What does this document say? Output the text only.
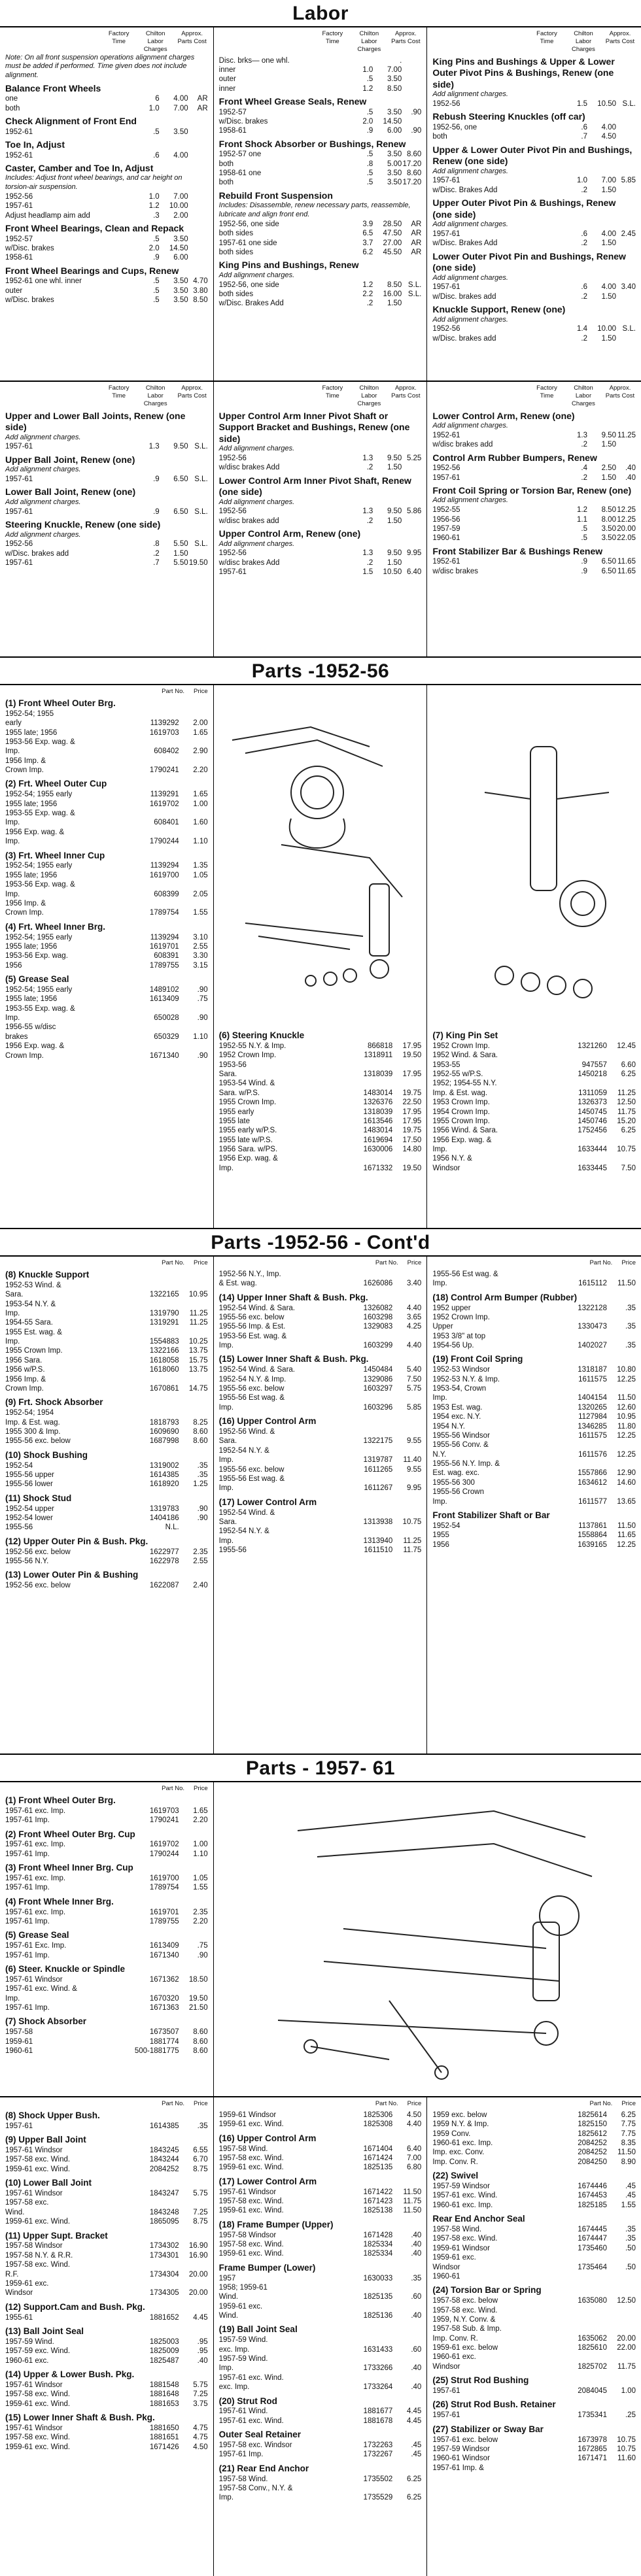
Labor
Factory Time
Chilton Labor Charges
Approx. Parts Cost
Note: On all front suspension operations alignment charges must be added if performed. Time given does not include alignment.
Balance Front Wheels
one	6	4.00	AR
both	1.0	7.00	AR
Check Alignment of Front End
1952-61	.5	3.50
Toe In, Adjust
1952-61	.6	4.00
Caster, Camber and Toe In, Adjust
Includes: Adjust front wheel bearings, and car height on torsion-air suspension.
1952-56	1.0	7.00
1957-61	1.2	10.00
Adjust headlamp aim add	.3	2.00
Front Wheel Bearings, Clean and Repack
1952-57	.5	3.50
w/Disc. brakes	2.0	14.50
1958-61	.9	6.00
Front Wheel Bearings and Cups, Renew
1952-61 one whl. inner	.5	3.50 4.70
outer	.5	3.50 3.80
w/Disc. brakes	.5	3.50 8.50
Factory Time
Chilton Labor Charges
Approx. Parts Cost
Disc. brks— one whl.	.
inner	1.0	7.00
outer	.5	3.50
inner	1.2	8.50
Front Wheel Grease Seals, Renew
1952-57	.5	3.50	.90
w/Disc. brakes	2.0	14.50
1958-61	.9	6.00	.90
Front Shock Absorber or Bushings, Renew
1952-57 one	.5	3.50 8.60
both	.8	5.00 17.20
1958-61 one	.5	3.50 8.60
both	.5	3.50 17.20
Rebuild Front Suspension
Includes: Disassemble, renew necessary parts, reassemble, lubricate and align front end.
1952-56, one side	3.9	28.50	AR
both sides	6.5	47.50	AR
1957-61 one side	3.7	27.00	AR
both sides	6.2	45.50	AR
King Pins and Bushings, Renew
Add alignment charges.
1952-56, one side	1.2	8.50 S.L.
both sides	2.2	16.00 S.L.
w/Disc. Brakes Add	.2	1.50
Factory Time
Chilton Labor Charges
Approx. Parts Cost
King Pins and Bushings & Upper & Lower Outer Pivot Pins & Bushings, Renew (one side)
Add alignment charges.
1952-56	1.5	10.50 S.L.
Rebush Steering Knuckles (off car)
1952-56, one	.6	4.00
both	.7	4.50
Upper & Lower Outer Pivot Pin and Bushings, Renew (one side)
Add alignment charges.
1957-61	1.0	7.00 5.85
w/Disc. Brakes Add	.2	1.50
Upper Outer Pivot Pin & Bushings, Renew (one side)
Add alignment charges.
1957-61	.6	4.00 2.45
w/Disc. Brakes Add	.2	1.50
Lower Outer Pivot Pin and Bushings, Renew (one side)
Add alignment charges.
1957-61	.6	4.00 3.40
w/Disc. brakes add	.2	1.50
Knuckle Support, Renew (one)
Add alignment charges.
1952-56	1.4	10.00 S.L.
w/Disc. brakes add	.2	1.50
Factory Time
Chilton Labor Charges
Approx. Parts Cost
Upper and Lower Ball Joints, Renew (one side)
Add alignment charges.
1957-61	1.3	9.50 S.L.
Upper Ball Joint, Renew (one)
Add alignment charges.
1957-61	.9	6.50 S.L.
Lower Ball Joint, Renew (one)
Add alignment charges.
1957-61	.9	6.50 S.L.
Steering Knuckle, Renew (one side)
Add alignment charges.
1952-56	.8	5.50 S.L.
w/Disc. brakes add	.2	1.50
1957-61	.7	5.50 19.50
Factory Time
Chilton Labor Charges
Approx. Parts Cost
Upper Control Arm Inner Pivot Shaft or Support Bracket and Bushings, Renew (one side)
Add alignment charges.
1952-56	1.3	9.50 5.25
w/disc brakes Add	.2	1.50
Lower Control Arm Inner Pivot Shaft, Renew (one side)
Add alignment charges.
1952-56	1.3	9.50 5.86
w/disc brakes add	.2	1.50
Upper Control Arm, Renew (one)
Add alignment charges.
1952-56	1.3	9.50 9.95
w/disc brakes Add	.2	1.50
1957-61	1.5	10.50 6.40
Factory Time
Chilton Labor Charges
Approx. Parts Cost
Lower Control Arm, Renew (one)
Add alignment charges.
1952-61	1.3	9.50 11.25
w/disc brakes add	.2	1.50
Control Arm Rubber Bumpers, Renew
1952-56	.4	2.50	.40
1957-61	.2	1.50	.40
Front Coil Spring or Torsion Bar, Renew (one)
Add alignment charges.
1952-55	1.2	8.50 12.25
1956-56	1.1	8.00 12.25
1957-59	.5	3.50 20.00
1960-61	.5	3.50 22.05
Front Stabilizer Bar & Bushings Renew
1952-61	.9	6.50 11.65
w/disc brakes	.9	6.50 11.65
Parts -1952-56
Part No. Price
(1) Front Wheel Outer Brg.
1952-54; 1955
early	1139292	2.00
1955 late; 1956	1619703	1.65
1953-56 Exp. wag. &
Imp.	608402	2.90
1956 Imp. &
Crown Imp.	1790241	2.20
(2) Frt. Wheel Outer Cup
1952-54; 1955 early	1139291	1.65
1955 late; 1956	1619702	1.00
1953-55 Exp. wag. &
Imp.	608401	1.60
1956 Exp. wag. &
Imp.	1790244	1.10
(3) Frt. Wheel Inner Cup
1952-54; 1955 early	1139294	1.35
1955 late; 1956	1619700	1.05
1953-56 Exp. wag. &
Imp.	608399	2.05
1956 Imp. &
Crown Imp.	1789754	1.55
(4) Frt. Wheel Inner Brg.
1952-54; 1955 early	1139294	3.10
1955 late; 1956	1619701	2.55
1953-56 Exp. wag.	608391	3.30
1956	1789755	3.15
(5) Grease Seal
1952-54; 1955 early	1489102	.90
1955 late; 1956	1613409	.75
1953-55 Exp. wag. &
Imp.	650028	.90
1956-55 w/disc
brakes	650329	1.10
1956 Exp. wag. &
Crown Imp.	1671340	.90
(6) Steering Knuckle
1952-55 N.Y. & Imp.	866818	17.95
1952 Crown Imp.	1318911	19.50
1953-56
Sara.	1318039	17.95
1953-54 Wind. &
Sara. w/P.S.	1483014	19.75
1955 Crown Imp.	1326376	22.50
1955 early	1318039	17.95
1955 late	1613546	17.95
1955 early w/P.S.	1483014	19.75
1955 late w/P.S.	1619694	17.50
1956 Sara. w/PS.	1630006	14.80
1956 Exp. wag. &
Imp.	1671332	19.50
(7) King Pin Set
1952 Crown Imp.	1321260	12.45
1952 Wind. & Sara.
1953-55	947557	6.60
1952-55 w/P.S.	1450218	6.25
1952; 1954-55 N.Y.
Imp. & Est. wag.	1311059	11.25
1953 Crown Imp.	1326373	12.50
1954 Crown Imp.	1450745	11.75
1955 Crown Imp.	1450746	15.20
1956 Wind. & Sara.	1752456	6.25
1956 Exp. wag. &
Imp.	1633444	10.75
1956 N.Y. &
Windsor	1633445	7.50
Parts -1952-56 - Cont'd
Part No. Price
(8) Knuckle Support
1952-53 Wind. &
Sara.	1322165	10.95
1953-54 N.Y. &
Imp.	1319790	11.25
1954-55 Sara.	1319291	11.25
1955 Est. wag. &
Imp.	1554883	10.25
1955 Crown Imp.	1322166	13.75
1956 Sara.	1618058	15.75
1956 w/P.S.	1618060	13.75
1956 Imp. &
Crown Imp.	1670861	14.75
(9) Frt. Shock Absorber
1952-54; 1954
Imp. & Est. wag.	1818793	8.25
1955 300 & Imp.	1609690	8.60
1955-56 exc. below	1687998	8.60
(10) Shock Bushing
1952-54	1319002	.35
1955-56 upper	1614385	.35
1955-56 lower	1618920	1.25
(11) Shock Stud
1952-54 upper	1319783	.90
1952-54 lower	1404186	.90
1955-56	N.L.
(12) Upper Outer Pin & Bush. Pkg.
1952-56 exc. below	1622977	2.35
1955-56 N.Y.	1622978	2.55
(13) Lower Outer Pin & Bushing
1952-56 exc. below	1622087	2.40
Part No. Price
1952-56 N.Y., Imp.
& Est. wag.	1626086	3.40
(14) Upper Inner Shaft & Bush. Pkg.
1952-54 Wind. & Sara.	1326082	4.40
1955-56 exc. below	1603298	3.65
1955-56 Imp. & Est.	1329083	4.25
1953-56 Est. wag. &
Imp.	1603299	4.40
(15) Lower Inner Shaft & Bush. Pkg.
1952-54 Wind. & Sara.	1450484	5.40
1952-54 N.Y. & Imp.	1329086	7.50
1955-56 exc. below	1603297	5.75
1955-56 Est wag. &
Imp.	1603296	5.85
(16) Upper Control Arm
1952-56 Wind. &
Sara.	1322175	9.55
1952-54 N.Y. &
Imp.	1319787	11.40
1955-56 exc. below	1611265	9.55
1955-56 Est wag. &
Imp.	1611267	9.95
(17) Lower Control Arm
1952-54 Wind. &
Sara.	1313938	10.75
1952-54 N.Y. &
Imp.	1313940	11.25
1955-56	1611510	11.75
Part No. Price
1955-56 Est wag. &
Imp.	1615112	11.50
(18) Control Arm Bumper (Rubber)
1952 upper	1322128	.35
1952 Crown Imp.
Upper	1330473	.35
1953 3/8" at top
1954-56 Up.	1402027	.35
(19) Front Coil Spring
1952-53 Windsor	1318187	10.80
1952-53 N.Y. & Imp.	1611575	12.25
1953-54, Crown
Imp.	1404154	11.50
1953 Est. wag.	1320265	12.60
1954 exc. N.Y.	1127984	10.95
1954 N.Y.	1346285	11.80
1955-56 Windsor	1611575	12.25
1955-56 Conv. &
N.Y.	1611576	12.25
1955-56 N.Y. Imp. &
Est. wag. exc.	1557866	12.90
1955-56 300	1634612	14.60
1955-56 Crown
Imp.	1611577	13.65
Front Stabilizer Shaft or Bar
1952-54	1137861	11.50
1955	1558864	11.65
1956	1639165	12.25
Parts - 1957- 61
Part No. Price
(1) Front Wheel Outer Brg.
1957-61 exc. Imp.	1619703	1.65
1957-61 Imp.	1790241	2.20
(2) Front Wheel Outer Brg. Cup
1957-61 exc. Imp.	1619702	1.00
1957-61 Imp.	1790244	1.10
(3) Front Wheel Inner Brg. Cup
1957-61 exc. Imp.	1619700	1.05
1957-61 Imp.	1789754	1.55
(4) Front Whele Inner Brg.
1957-61 exc. Imp.	1619701	2.35
1957-61 Imp.	1789755	2.20
(5) Grease Seal
1957-61 Exc. Imp.	1613409	.75
1957-61 Imp.	1671340	.90
(6) Steer. Knuckle or Spindle
1957-61 Windsor	1671362	18.50
1957-61 exc. Wind. &
Imp.	1670320	19.50
1957-61 Imp.	1671363	21.50
(7) Shock Absorber
1957-58	1673507	8.60
1959-61	1881774	8.60
1960-61	500-1881775	8.60
Part No. Price
(8) Shock Upper Bush.
1957-61	1614385	.35
(9) Upper Ball Joint
1957-61 Windsor	1843245	6.55
1957-58 exc. Wind.	1843244	6.70
1959-61 exc. Wind.	2084252	8.75
(10) Lower Ball Joint
1957-61 Windsor	1843247	5.75
1957-58 exc.
Wind.	1843248	7.25
1959-61 exc. Wind.	1865095	8.75
(11) Upper Supt. Bracket
1957-58 Windsor	1734302	16.90
1957-58 N.Y. & R.R.	1734301	16.90
1957-58 exc. Wind.
R.F.	1734304	20.00
1959-61 exc.
Windsor	1734305	20.00
(12) Support.Cam and Bush. Pkg.
1955-61	1881652	4.45
(13) Ball Joint Seal
1957-59 Wind.	1825003	.95
1957-59 exc. Wind.	1825009	.95
1960-61 exc.	1825487	.40
(14) Upper & Lower Bush. Pkg.
1957-61 Windsor	1881548	5.75
1957-58 exc. Wind.	1881648	7.25
1959-61 exc. Wind.	1881653	3.75
(15) Lower Inner Shaft & Bush. Pkg.
1957-61 Windsor	1881650	4.75
1957-58 exc. Wind.	1881651	4.75
1959-61 exc. Wind.	1671426	4.50
Part No. Price
1959-61 Windsor	1825306	4.50
1959-61 exc. Wind.	1825308	4.40
(16) Upper Control Arm
1957-58 Wind.	1671404	6.40
1957-58 exc. Wind.	1671424	7.00
1959-61 exc. Wind.	1825135	6.80
(17) Lower Control Arm
1957-61 Windsor	1671422	11.50
1957-58 exc. Wind.	1671423	11.75
1959-61 exc. Wind.	1825138	11.50
(18) Frame Bumper (Upper)
1957-58 Windsor	1671428	.40
1957-58 exc. Wind.	1825334	.40
1959-61 exc. Wind.	1825334	.40
Frame Bumper (Lower)
1957	1630033	.35
1958; 1959-61
Wind.	1825135	.60
1959-61 exc.
Wind.	1825136	.40
(19) Ball Joint Seal
1957-59 Wind.
exc. Imp.	1631433	.60
1957-59 Wind.
Imp.	1733266	.40
1957-61 exc. Wind.
exc. Imp.	1733264	.40
(20) Strut Rod
1957-61 Wind.	1881677	4.45
1957-61 exc. Wind.	1881678	4.45
Outer Seal Retainer
1957-58 exc. Windsor	1732263	.45
1957-61 Imp.	1732267	.45
(21) Rear End Anchor
1957-58 Wind.	1735502	6.25
1957-58 Conv., N.Y. &
Imp.	1735529	6.25
Part No. Price
1959 exc. below	1825614	6.25
1959 N.Y. & Imp.	1825150	7.75
1959 Conv.	1825612	7.75
1960-61 exc. Imp.	2084252	8.35
Imp. exc. Conv.	2084252	11.50
Imp. Conv. R.	2084250	8.90
(22) Swivel
1957-59 Windsor	1674446	.45
1957-61 exc. Wind.	1674453	.45
1960-61 exc. Imp.	1825185	1.55
Rear End Anchor Seal
1957-58 Wind.	1674445	.35
1957-58 exc. Wind.	1674447	.35
1959-61 Windsor	1735460	.50
1959-61 exc.
Windsor	1735464	.50
1960-61
(24) Torsion Bar or Spring
1957-58 exc. below	1635080	12.50
1957-58 exc. Wind.
1959, N.Y. Conv. &
1957-58 Sub. & Imp.
Imp. Conv. R.	1635062	20.00
1959-61 exc. below	1825610	22.00
1960-61 exc.
Windsor	1825702	11.75
(25) Strut Rod Bushing
1957-61	2084045	1.00
(26) Strut Rod Bush. Retainer
1957-61	1735341	.25
(27) Stabilizer or Sway Bar
1957-61 exc. below	1673978	10.75
1957-59 Windsor	1672865	10.75
1960-61 Windsor	1671471	11.60
1957-61 Imp. &
